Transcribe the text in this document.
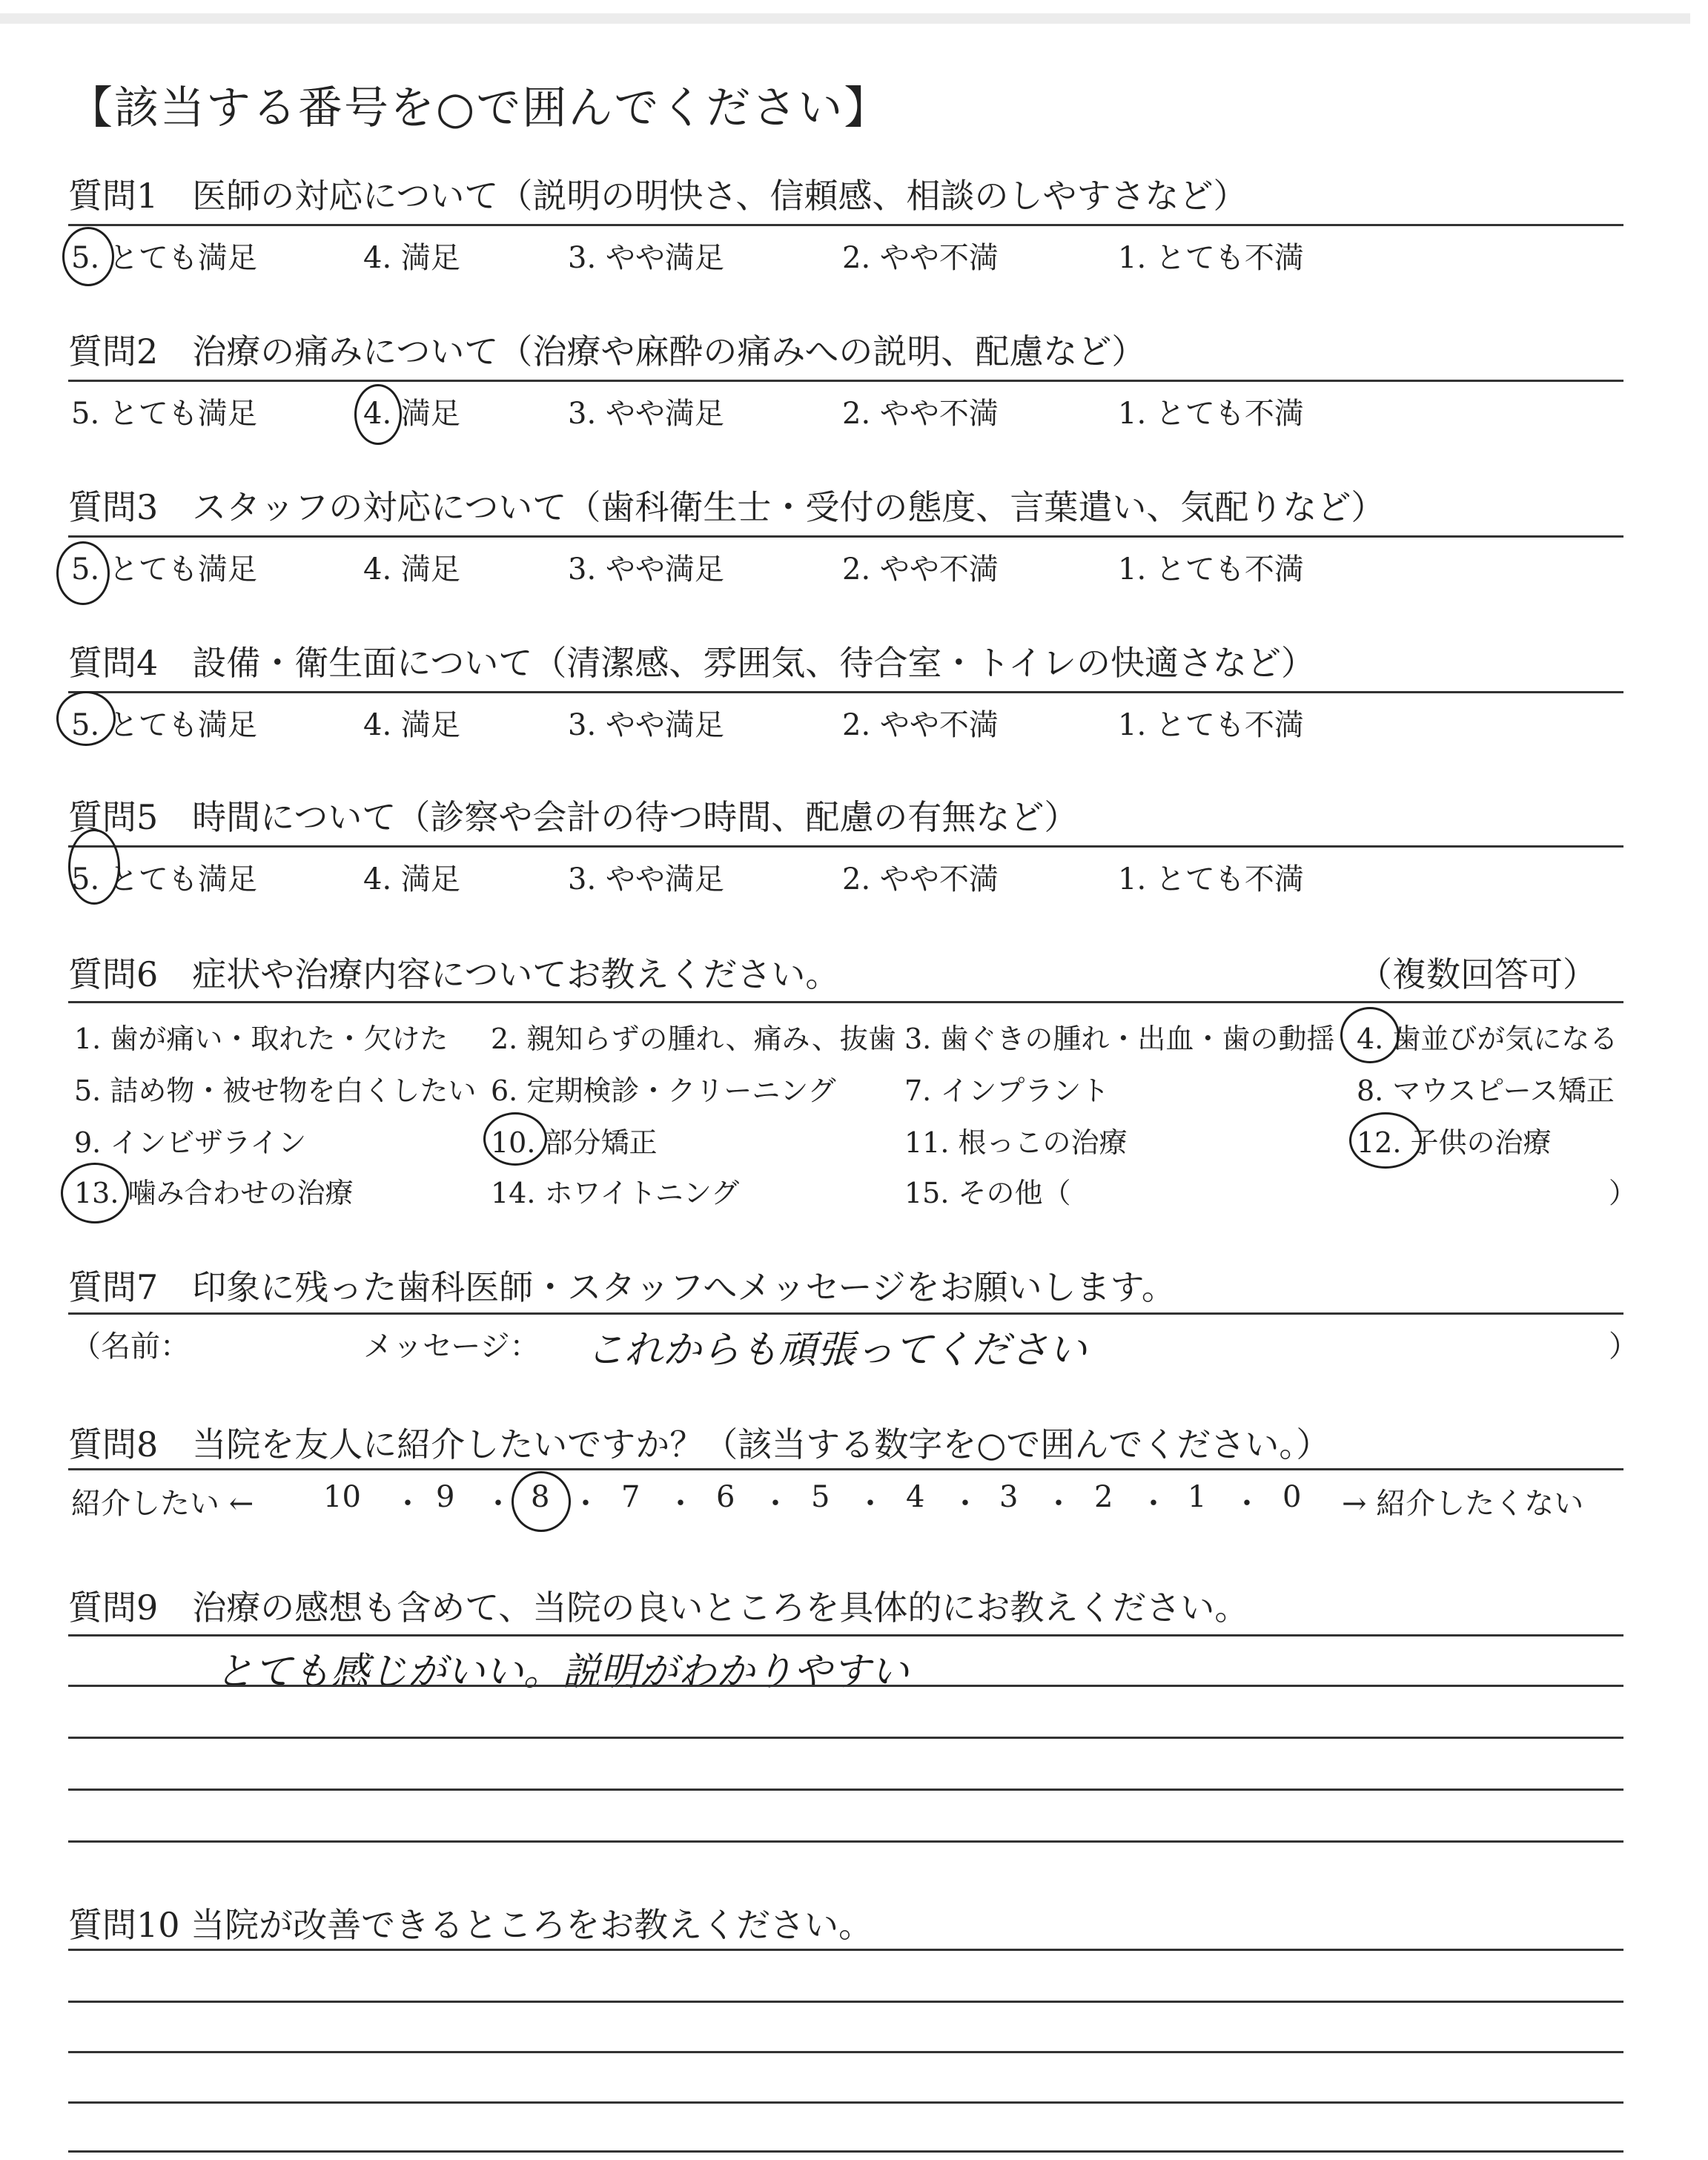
【該当する番号を○で囲んでください】
質問1　医師の対応について（説明の明快さ、信頼感、相談のしやすさなど）
5. とても満足	4. 満足	3. やや満足	2. やや不満	1. とても不満
質問2　治療の痛みについて（治療や麻酔の痛みへの説明、配慮など）
5. とても満足	4. 満足	3. やや満足	2. やや不満	1. とても不満
質問3　スタッフの対応について（歯科衛生士・受付の態度、言葉遣い、気配りなど）
5. とても満足	4. 満足	3. やや満足	2. やや不満	1. とても不満
質問4　設備・衛生面について（清潔感、雰囲気、待合室・トイレの快適さなど）
5. とても満足	4. 満足	3. やや満足	2. やや不満	1. とても不満
質問5　時間について（診察や会計の待つ時間、配慮の有無など）
5. とても満足	4. 満足	3. やや満足	2. やや不満	1. とても不満
質問6　症状や治療内容についてお教えください。	（複数回答可）
1. 歯が痛い・取れた・欠けた 2. 親知らずの腫れ、痛み、抜歯 3. 歯ぐきの腫れ・出血・歯の動揺 4. 歯並びが気になる
5. 詰め物・被せ物を白くしたい 6. 定期検診・クリーニング 7. インプラント	8. マウスピース矯正
9. インビザライン	10. 部分矯正	11. 根っこの治療	12. 子供の治療
13. 噛み合わせの治療	14. ホワイトニング	15. その他（	）
質問7　印象に残った歯科医師・スタッフへメッセージをお願いします。
（名前：	メッセージ： これからも頑張ってください	）
質問8　当院を友人に紹介したいですか？（該当する数字を○で囲んでください。）
紹介したい ←	→ 紹介したくない
10 ・ 9 ・ 8 ・ 7 ・ 6 ・ 5 ・ 4 ・ 3 ・ 2 ・ 1 ・ 0
質問9　治療の感想も含めて、当院の良いところを具体的にお教えください。
とても感じがいい。説明がわかりやすい
質問10 当院が改善できるところをお教えください。
